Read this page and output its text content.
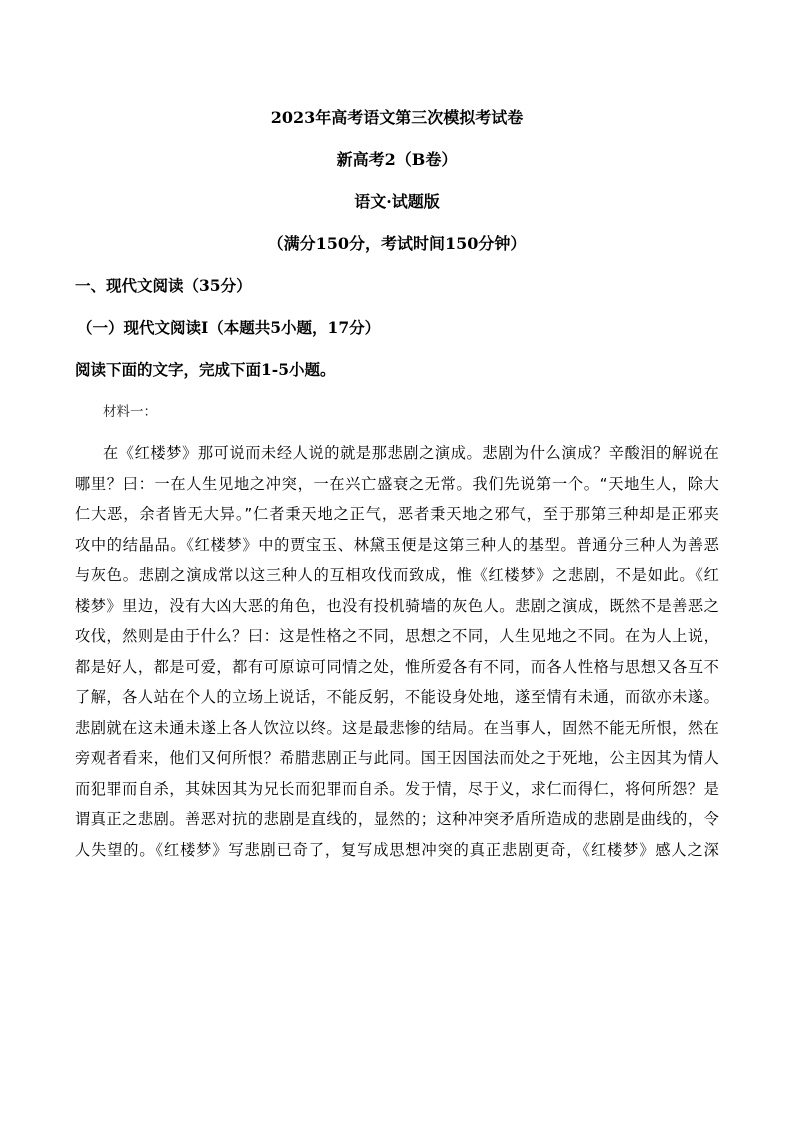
2023年高考语文第三次模拟考试卷
新高考2（B卷）
语文·试题版
（满分150分，考试时间150分钟）
一、现代文阅读（35分）
（一）现代文阅读I（本题共5小题，17分）
阅读下面的文字，完成下面1-5小题。
材料一：
在《红楼梦》那可说而未经人说的就是那悲剧之演成。悲剧为什么演成？辛酸泪的解说在
哪里？曰：一在人生见地之冲突，一在兴亡盛衰之无常。我们先说第一个。“天地生人，除大
仁大恶，余者皆无大异。”仁者秉天地之正气，恶者秉天地之邪气，至于那第三种却是正邪夹
攻中的结晶品。《红楼梦》中的贾宝玉、林黛玉便是这第三种人的基型。普通分三种人为善恶
与灰色。悲剧之演成常以这三种人的互相攻伐而致成，惟《红楼梦》之悲剧，不是如此。《红
楼梦》里边，没有大凶大恶的角色，也没有投机骑墙的灰色人。悲剧之演成，既然不是善恶之
攻伐，然则是由于什么？曰：这是性格之不同，思想之不同，人生见地之不同。在为人上说，
都是好人，都是可爱，都有可原谅可同情之处，惟所爱各有不同，而各人性格与思想又各互不
了解，各人站在个人的立场上说话，不能反躬，不能设身处地，遂至情有未通，而欲亦未遂。
悲剧就在这未通未遂上各人饮泣以终。这是最悲惨的结局。在当事人，固然不能无所恨，然在
旁观者看来，他们又何所恨？希腊悲剧正与此同。国王因国法而处之于死地，公主因其为情人
而犯罪而自杀，其妹因其为兄长而犯罪而自杀。发于情，尽于义，求仁而得仁，将何所怨？是
谓真正之悲剧。善恶对抗的悲剧是直线的，显然的；这种冲突矛盾所造成的悲剧是曲线的，令
人失望的。《红楼梦》写悲剧已奇了，复写成思想冲突的真正悲剧更奇，《红楼梦》感人之深
